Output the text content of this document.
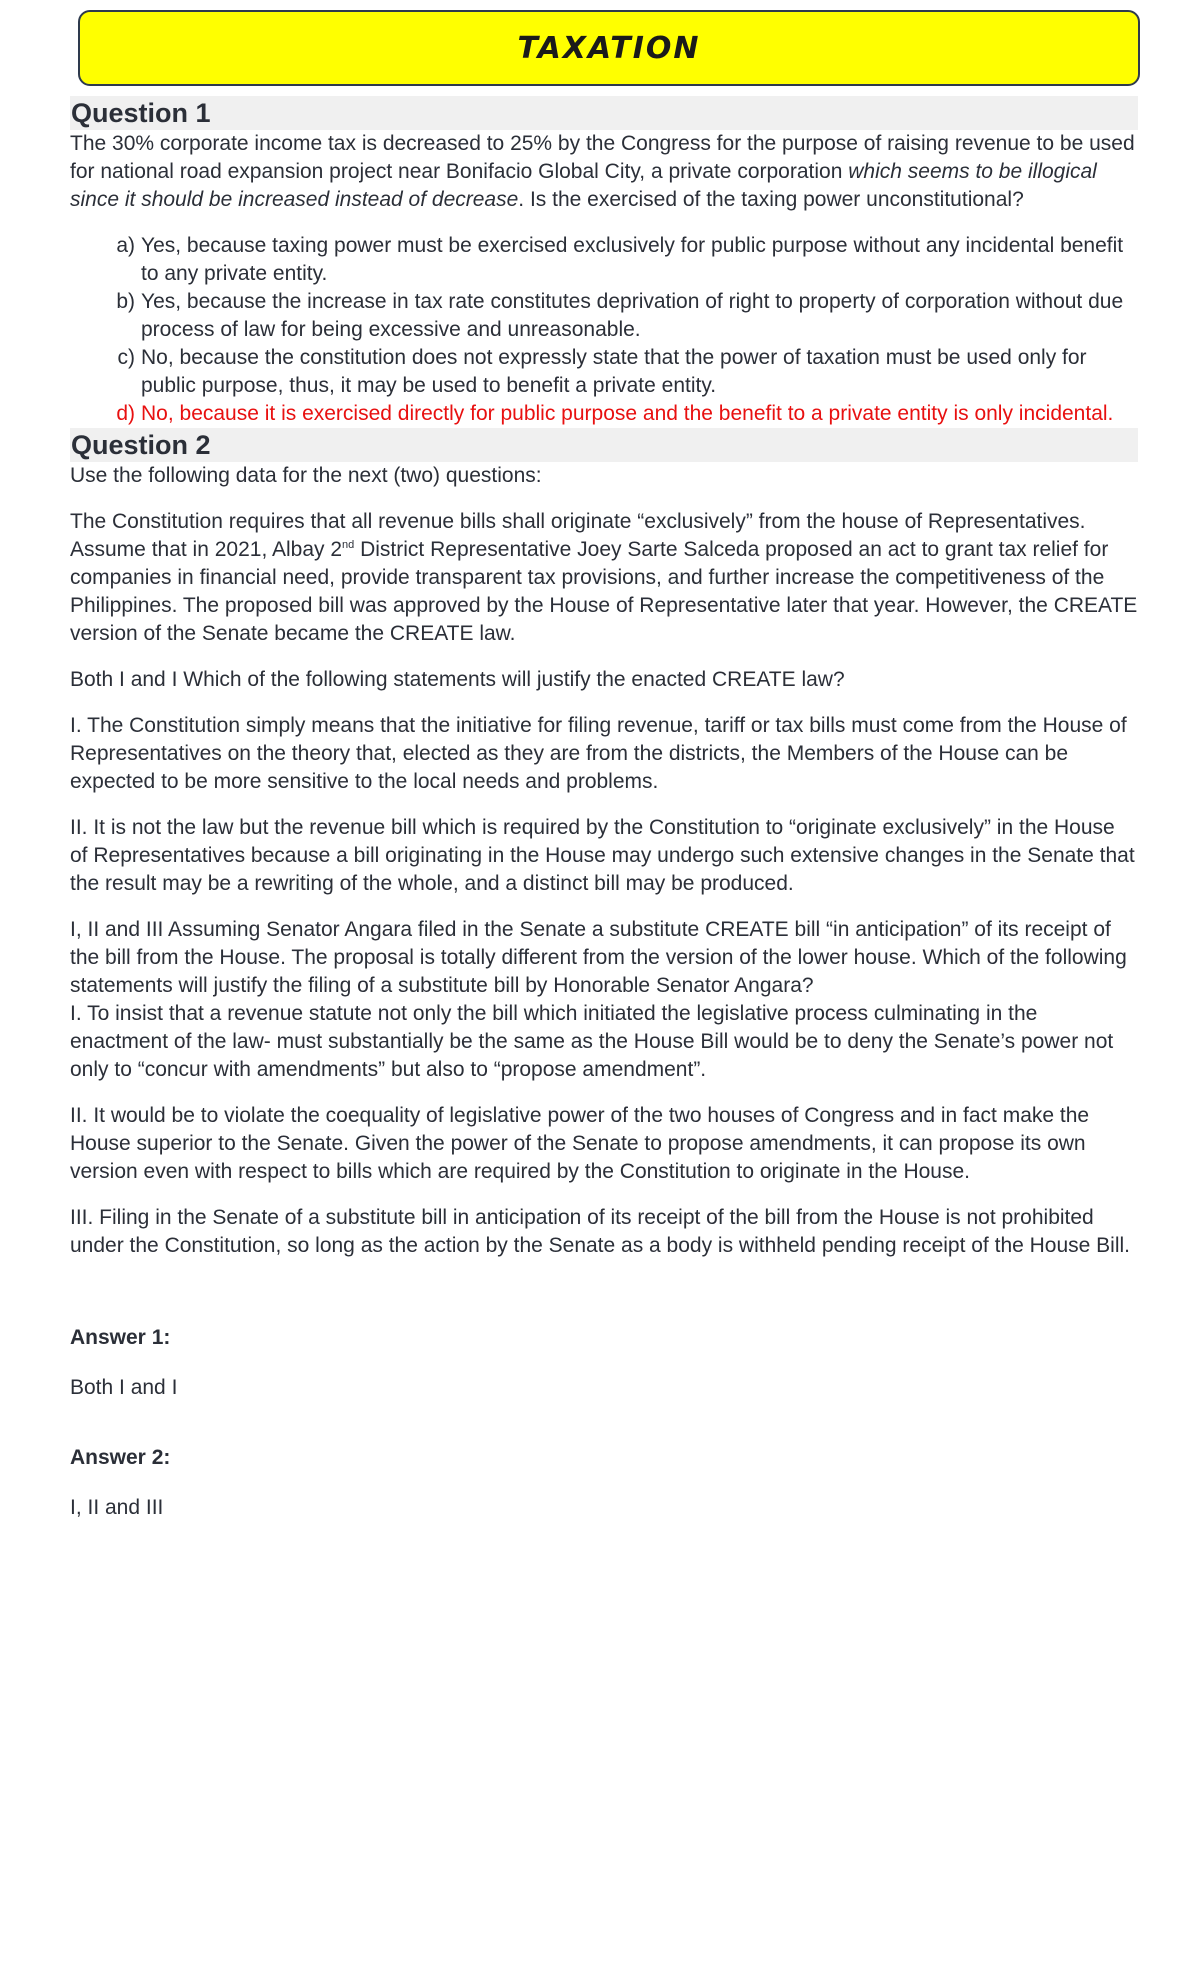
TAXATION
Question 1

The 30% corporate income tax is decreased to 25% by the Congress for the purpose of raising revenue to be used for national road expansion project near Bonifacio Global City, a private corporation which seems to be illogical since it should be increased instead of decrease. Is the exercised of the taxing power unconstitutional?

a) Yes, because taxing power must be exercised exclusively for public purpose without any incidental benefit to any private entity.
b) Yes, because the increase in tax rate constitutes deprivation of right to property of corporation without due process of law for being excessive and unreasonable.
c) No, because the constitution does not expressly state that the power of taxation must be used only for public purpose, thus, it may be used to benefit a private entity.
d) No, because it is exercised directly for public purpose and the benefit to a private entity is only incidental.
Question 2

Use the following data for the next (two) questions:

The Constitution requires that all revenue bills shall originate “exclusively” from the house of Representatives. Assume that in 2021, Albay 2nd District Representative Joey Sarte Salceda proposed an act to grant tax relief for companies in financial need, provide transparent tax provisions, and further increase the competitiveness of the Philippines. The proposed bill was approved by the House of Representative later that year. However, the CREATE version of the Senate became the CREATE law.

Both I and I Which of the following statements will justify the enacted CREATE law?

I. The Constitution simply means that the initiative for filing revenue, tariff or tax bills must come from the House of Representatives on the theory that, elected as they are from the districts, the Members of the House can be expected to be more sensitive to the local needs and problems.

II. It is not the law but the revenue bill which is required by the Constitution to “originate exclusively” in the House of Representatives because a bill originating in the House may undergo such extensive changes in the Senate that the result may be a rewriting of the whole, and a distinct bill may be produced.

I, II and III Assuming Senator Angara filed in the Senate a substitute CREATE bill “in anticipation” of its receipt of the bill from the House. The proposal is totally different from the version of the lower house. Which of the following statements will justify the filing of a substitute bill by Honorable Senator Angara?

I. To insist that a revenue statute not only the bill which initiated the legislative process culminating in the enactment of the law- must substantially be the same as the House Bill would be to deny the Senate’s power not only to “concur with amendments” but also to “propose amendment”.

II. It would be to violate the coequality of legislative power of the two houses of Congress and in fact make the House superior to the Senate. Given the power of the Senate to propose amendments, it can propose its own version even with respect to bills which are required by the Constitution to originate in the House.

III. Filing in the Senate of a substitute bill in anticipation of its receipt of the bill from the House is not prohibited under the Constitution, so long as the action by the Senate as a body is withheld pending receipt of the House Bill.

Answer 1:
Both I and I
Answer 2:
I, II and III
